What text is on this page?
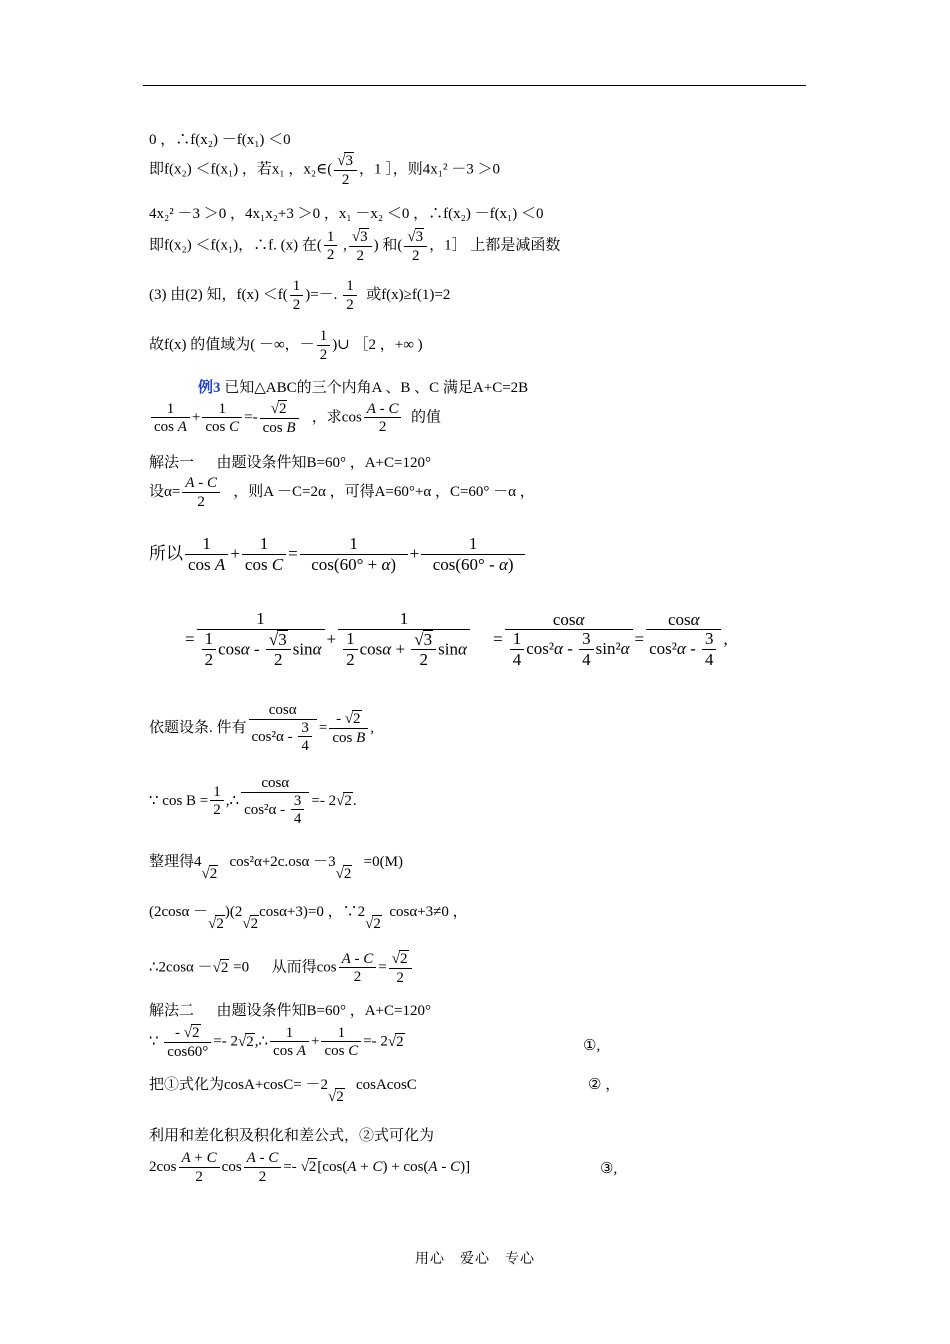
0 ，∴f(x₂) －f(x₁) ＜0
即f(x₂) ＜f(x₁) ，若x₁ ，x₂∈( $\frac{√3}{2}$ ，1 ］，则4x₁² －3 ＞0
4x₂² －3 ＞0 ，4x₁x₂+3 ＞0 ，x₁ －x₂ ＜0 ，∴f(x₂) －f(x₁) ＜0
即f(x₂) ＜f(x₁)，∴f. (x) 在( $\frac{1}{2}$ , $\frac{√3}{2}$ ) 和( $\frac{√3}{2}$ ，1］ 上都是减函数
(3) 由(2) 知，$f(x) <f( \frac{1}{2}$ )=－. $\frac{1}{2}$ 或f(x)≥f(1)=2
故f(x) 的值域为( －∞，－ $\frac{1}{2}$ )∪ ［2 ，+∞ )
例3 已知△ABC的三个内角A 、B 、C 满足A+C=2B
$\frac{1}{\text{cos A}} + \frac{1}{\text{cos C}} =- \frac{√2}{\text{cos B}}$ ，求$\cos \frac{A - C}{2}$ 的值
解法一 由题设条件知B=60° ，A+C=120°
设$\alpha= \frac{A - C}{2}$ ，则A －C=2α ，可得A=60°+α ，C=60° －α ，
所以 $\frac{1}{\text{cos A}} + \frac{1}{\text{cos C}} = \frac{1}{\cos(60^\circ + \alpha)} + \frac{1}{\cos(60^\circ - \alpha)}$
= $\frac{1}{\frac{1}{2} \cos\alpha - \frac{√3}{2} \sin\alpha} + \frac{1}{\frac{1}{2} \cos\alpha + \frac{√3}{2} \sin\alpha} = \frac{\cos\alpha}{\frac{1}{4} \cos^2\alpha - \frac{3}{4} \sin^2\alpha} = \frac{\cos\alpha}{\cos^2\alpha - \frac{3}{4}}$ ,
依题设条. 件有 $\frac{\cos\alpha}{\cos^2\alpha - \frac{3}{4}} = \frac{- √2}{\text{cos B}}$ ,
∵ $\cos B = \frac{1}{2}$ ,∴ $\frac{\cos\alpha}{\cos^2\alpha - \frac{3}{4}} =- 2√2$.
整理得4√2   cos²α+2c.osα －3√2   =0(M)
(2cosα －√2)(2√2cosα+3)=0 ，∵2√2  cosα+3≠0 ，
∴2cosα －√2 =0 从而得$\cos \frac{A - C}{2} = \frac{√2}{2}$
解法二 由题设条件知B=60° ，A+C=120°
∵ $\frac{- √2}{\cos 60^\circ}$ =- 2√2,∴ $\frac{1}{\text{cos A}} + \frac{1}{\text{cos C}} =- 2√2$	①,
把①式化为cosA+cosC= －2√2   cosAcosC	② ，
利用和差化积及积化和差公式，②式可化为
$2\cos \frac{A + C}{2}$ $\cos \frac{A - C}{2} =- √2[\cos(A + C) + \cos(A - C)]$	③,
用心　爱心　专心
